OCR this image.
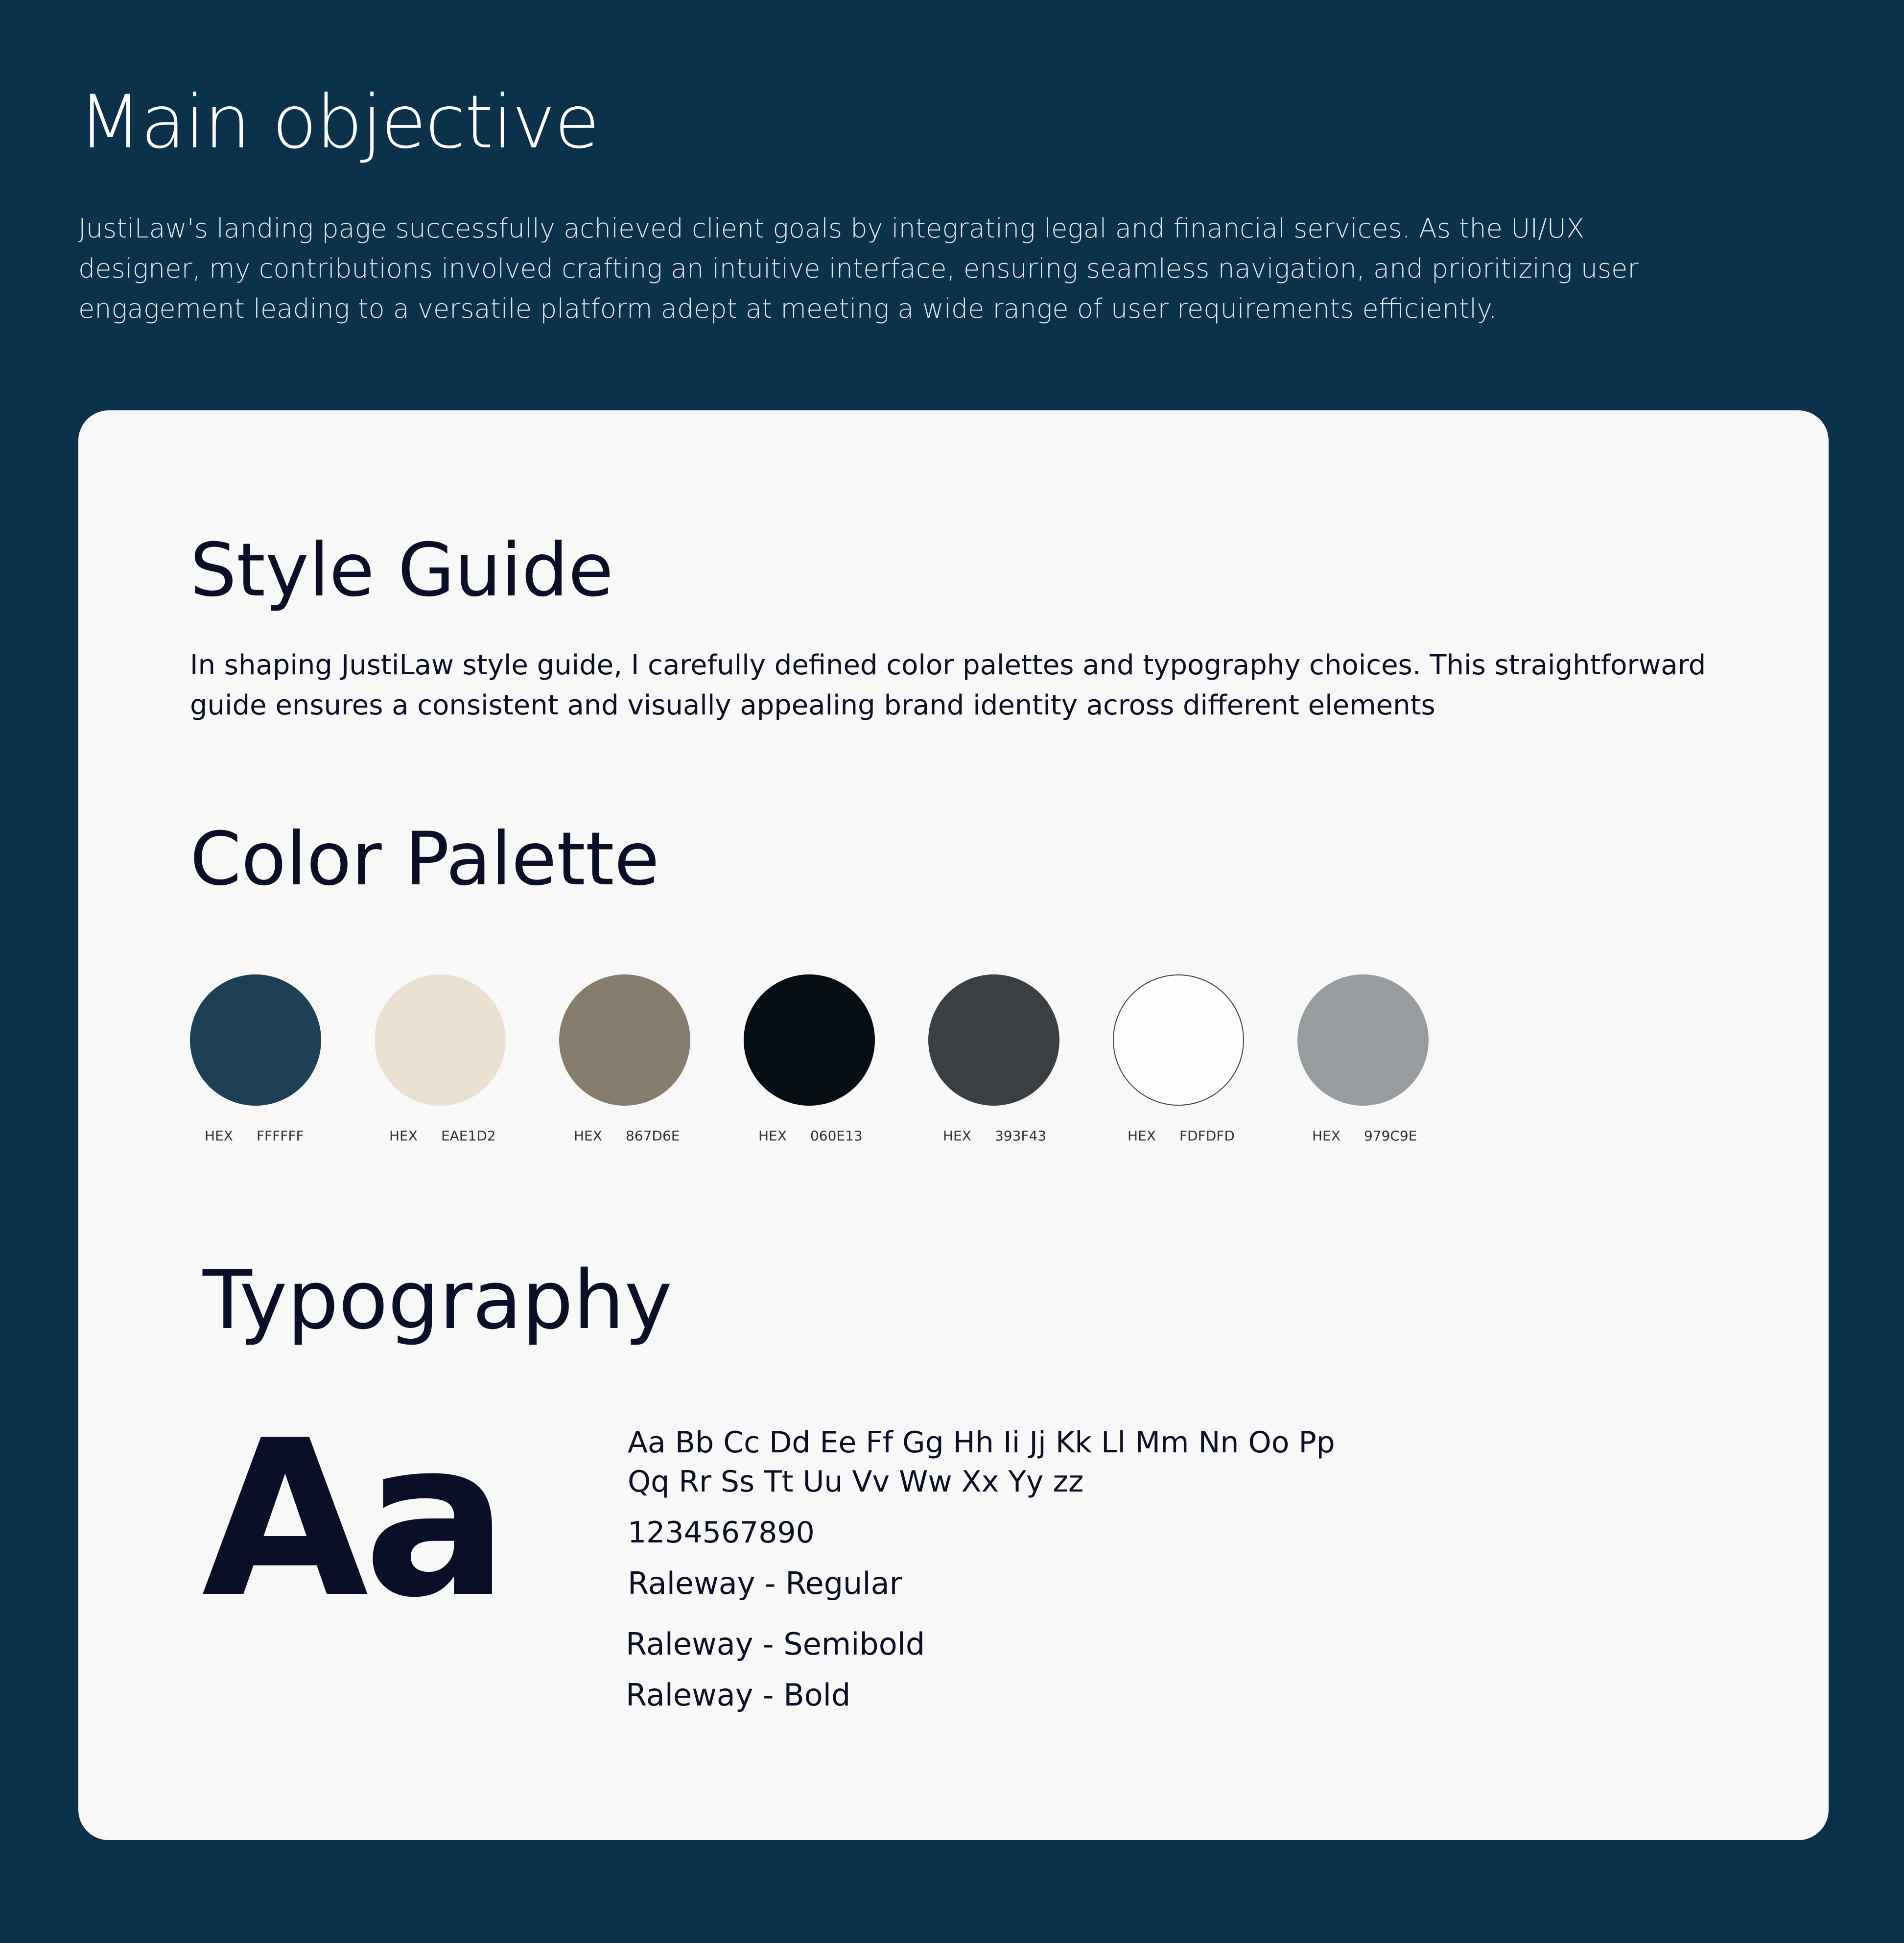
Main objective

JustiLaw's landing page successfully achieved client goals by integrating legal and financial services. As the UI/UX designer, my contributions involved crafting an intuitive interface, ensuring seamless navigation, and prioritizing user engagement leading to a versatile platform adept at meeting a wide range of user requirements efficiently.

Style Guide

In shaping JustiLaw style guide, I carefully defined color palettes and typography choices. This straightforward guide ensures a consistent and visually appealing brand identity across different elements

Color Palette
HEX FFFFFF	HEX EAE1D2	HEX 867D6E	HEX 060E13	HEX 393F43	HEX FDFDFD	HEX 979C9E
Typography
Aa	Aa Bb Cc Dd Ee Ff Gg Hh Ii Jj Kk Ll Mm Nn Oo Pp

Qq Rr Ss Tt Uu Vv Ww Xx Yy zz

1234567890

Raleway - Regular

Raleway - Semibold

Raleway - Bold
